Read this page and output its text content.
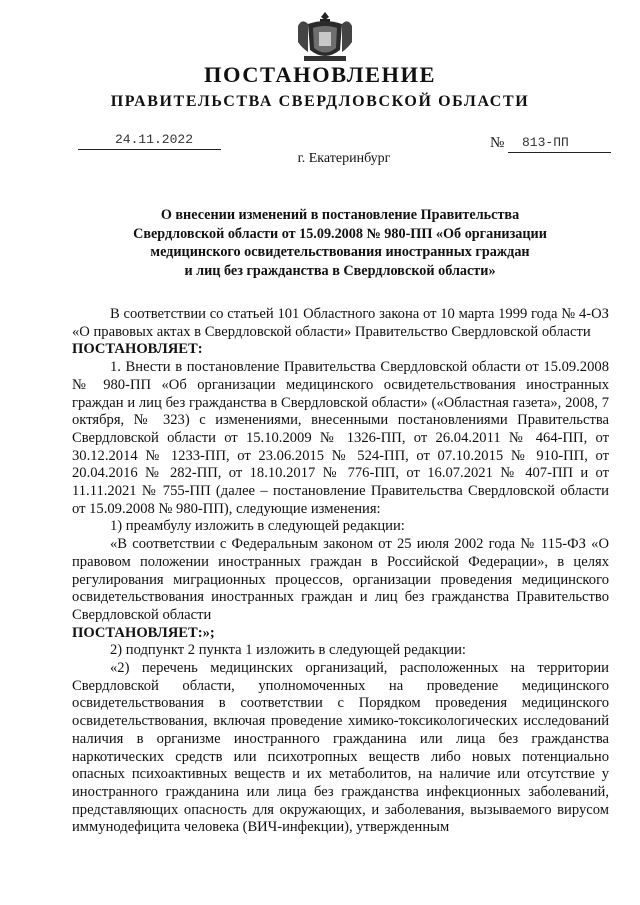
ПОСТАНОВЛЕНИЕ
ПРАВИТЕЛЬСТВА СВЕРДЛОВСКОЙ ОБЛАСТИ
24.11.2022	№ 813-ПП
г. Екатеринбург
О внесении изменений в постановление Правительства
Свердловской области от 15.09.2008 № 980-ПП «Об организации
медицинского освидетельствования иностранных граждан
и лиц без гражданства в Свердловской области»

В соответствии со статьей 101 Областного закона от 10 марта 1999 года № 4-ОЗ «О правовых актах в Свердловской области» Правительство Свердловской области

ПОСТАНОВЛЯЕТ:

1. Внести в постановление Правительства Свердловской области от 15.09.2008 № 980-ПП «Об организации медицинского освидетельствования иностранных граждан и лиц без гражданства в Свердловской области» («Областная газета», 2008, 7 октября, № 323) с изменениями, внесенными постановлениями Правительства Свердловской области от 15.10.2009 № 1326-ПП, от 26.04.2011 № 464-ПП, от 30.12.2014 № 1233-ПП, от 23.06.2015 № 524-ПП, от 07.10.2015 № 910-ПП, от 20.04.2016 № 282-ПП, от 18.10.2017 № 776-ПП, от 16.07.2021 № 407-ПП и от 11.11.2021 № 755-ПП (далее – постановление Правительства Свердловской области от 15.09.2008 № 980-ПП), следующие изменения:

1) преамбулу изложить в следующей редакции:

«В соответствии с Федеральным законом от 25 июля 2002 года № 115-ФЗ «О правовом положении иностранных граждан в Российской Федерации», в целях регулирования миграционных процессов, организации проведения медицинского освидетельствования иностранных граждан и лиц без гражданства Правительство Свердловской области

ПОСТАНОВЛЯЕТ:»;

2) подпункт 2 пункта 1 изложить в следующей редакции:

«2) перечень медицинских организаций, расположенных на территории Свердловской области, уполномоченных на проведение медицинского освидетельствования в соответствии с Порядком проведения медицинского освидетельствования, включая проведение химико-токсикологических исследований наличия в организме иностранного гражданина или лица без гражданства наркотических средств или психотропных веществ либо новых потенциально опасных психоактивных веществ и их метаболитов, на наличие или отсутствие у иностранного гражданина или лица без гражданства инфекционных заболеваний, представляющих опасность для окружающих, и заболевания, вызываемого вирусом иммунодефицита человека (ВИЧ-инфекции), утвержденным
